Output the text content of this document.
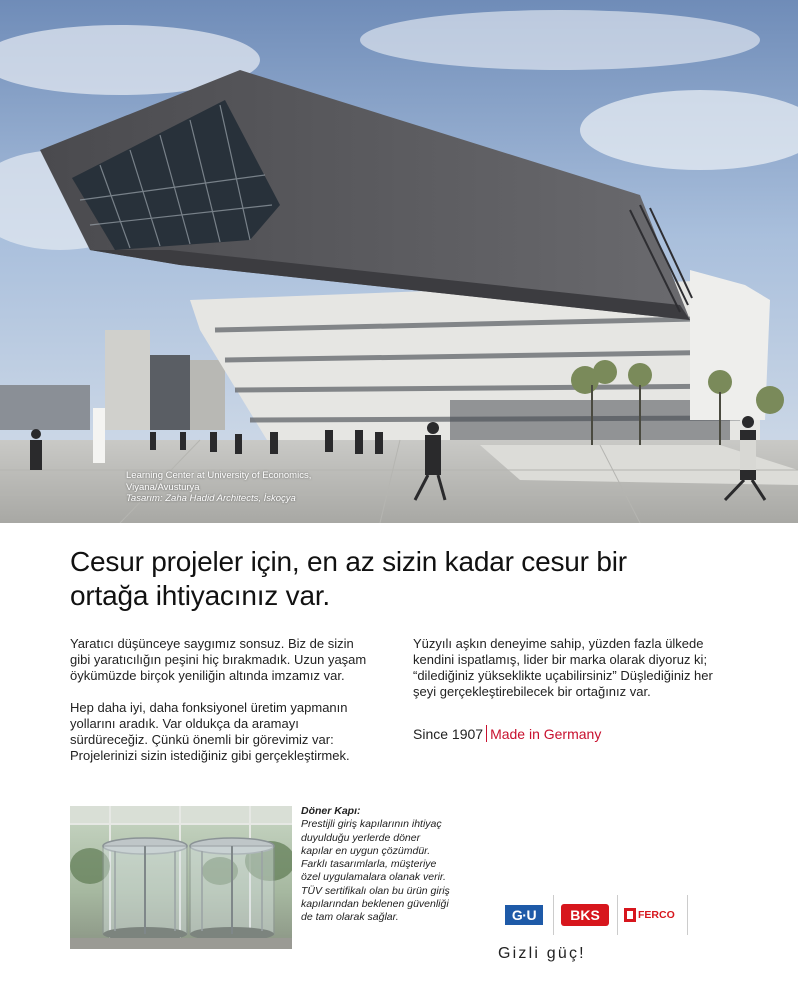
Learning Center at University of Economics,
Viyana/Avusturya
Tasarım: Zaha Hadid Architects, İskoçya
Cesur projeler için, en az sizin kadar cesur bir
ortağa ihtiyacınız var.

Yaratıcı düşünceye saygımız sonsuz. Biz de sizin gibi yaratıcılığın peşini hiç bırakmadık. Uzun yaşam öykümüzde birçok yeniliğin altında imzamız var.

Hep daha iyi, daha fonksiyonel üretim yapmanın yollarını aradık. Var oldukça da aramayı sürdüreceğiz. Çünkü önemli bir görevimiz var: Projelerinizi sizin istediğiniz gibi gerçekleştirmek.

Yüzyılı aşkın deneyime sahip, yüzden fazla ülkede kendini ispatlamış, lider bir marka olarak diyoruz ki; “dilediğiniz yükseklikte uçabilirsiniz” Düşlediğiniz her şeyi gerçekleştirebilecek bir ortağınız var.

Since 1907 Made in Germany
Döner Kapı:
Prestijli giriş kapılarının ihtiyaç duyulduğu yerlerde döner kapılar en uygun çözümdür. Farklı tasarımlarla, müşteriye özel uygulamalara olanak verir. TÜV sertifikalı olan bu ürün giriş kapılarından beklenen güvenliği de tam olarak sağlar.	G·U	BKS	FERCO
Gizli güç!
